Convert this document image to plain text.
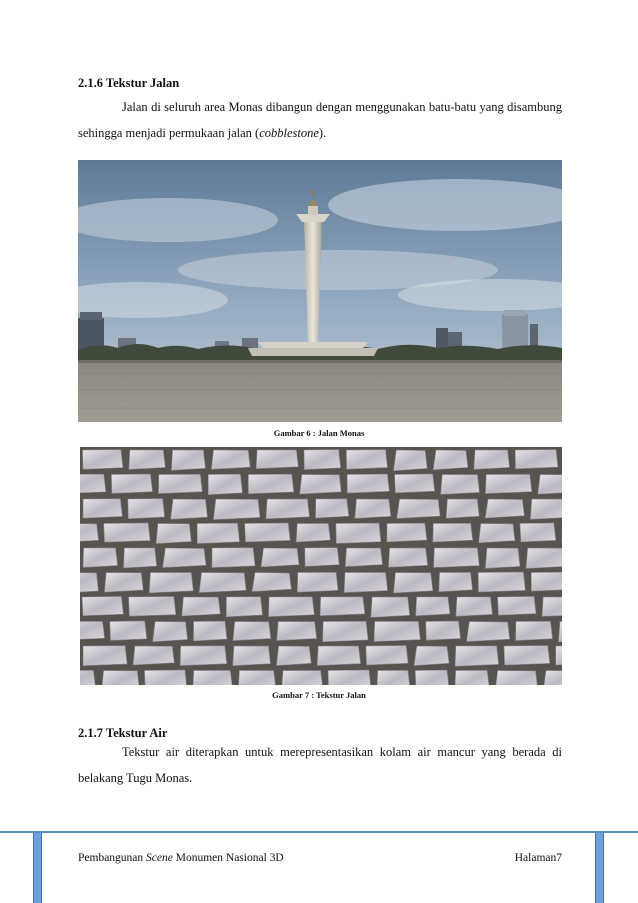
2.1.6 Tekstur Jalan
Jalan di seluruh area Monas dibangun dengan menggunakan batu-batu yang disambung sehingga menjadi permukaan jalan (cobblestone).
Gambar 6 : Jalan Monas
Gambar 7 : Tekstur Jalan
2.1.7 Tekstur Air
Tekstur air diterapkan untuk merepresentasikan kolam air mancur yang berada di belakang Tugu Monas.
Pembangunan Scene Monumen Nasional 3D	Halaman7
